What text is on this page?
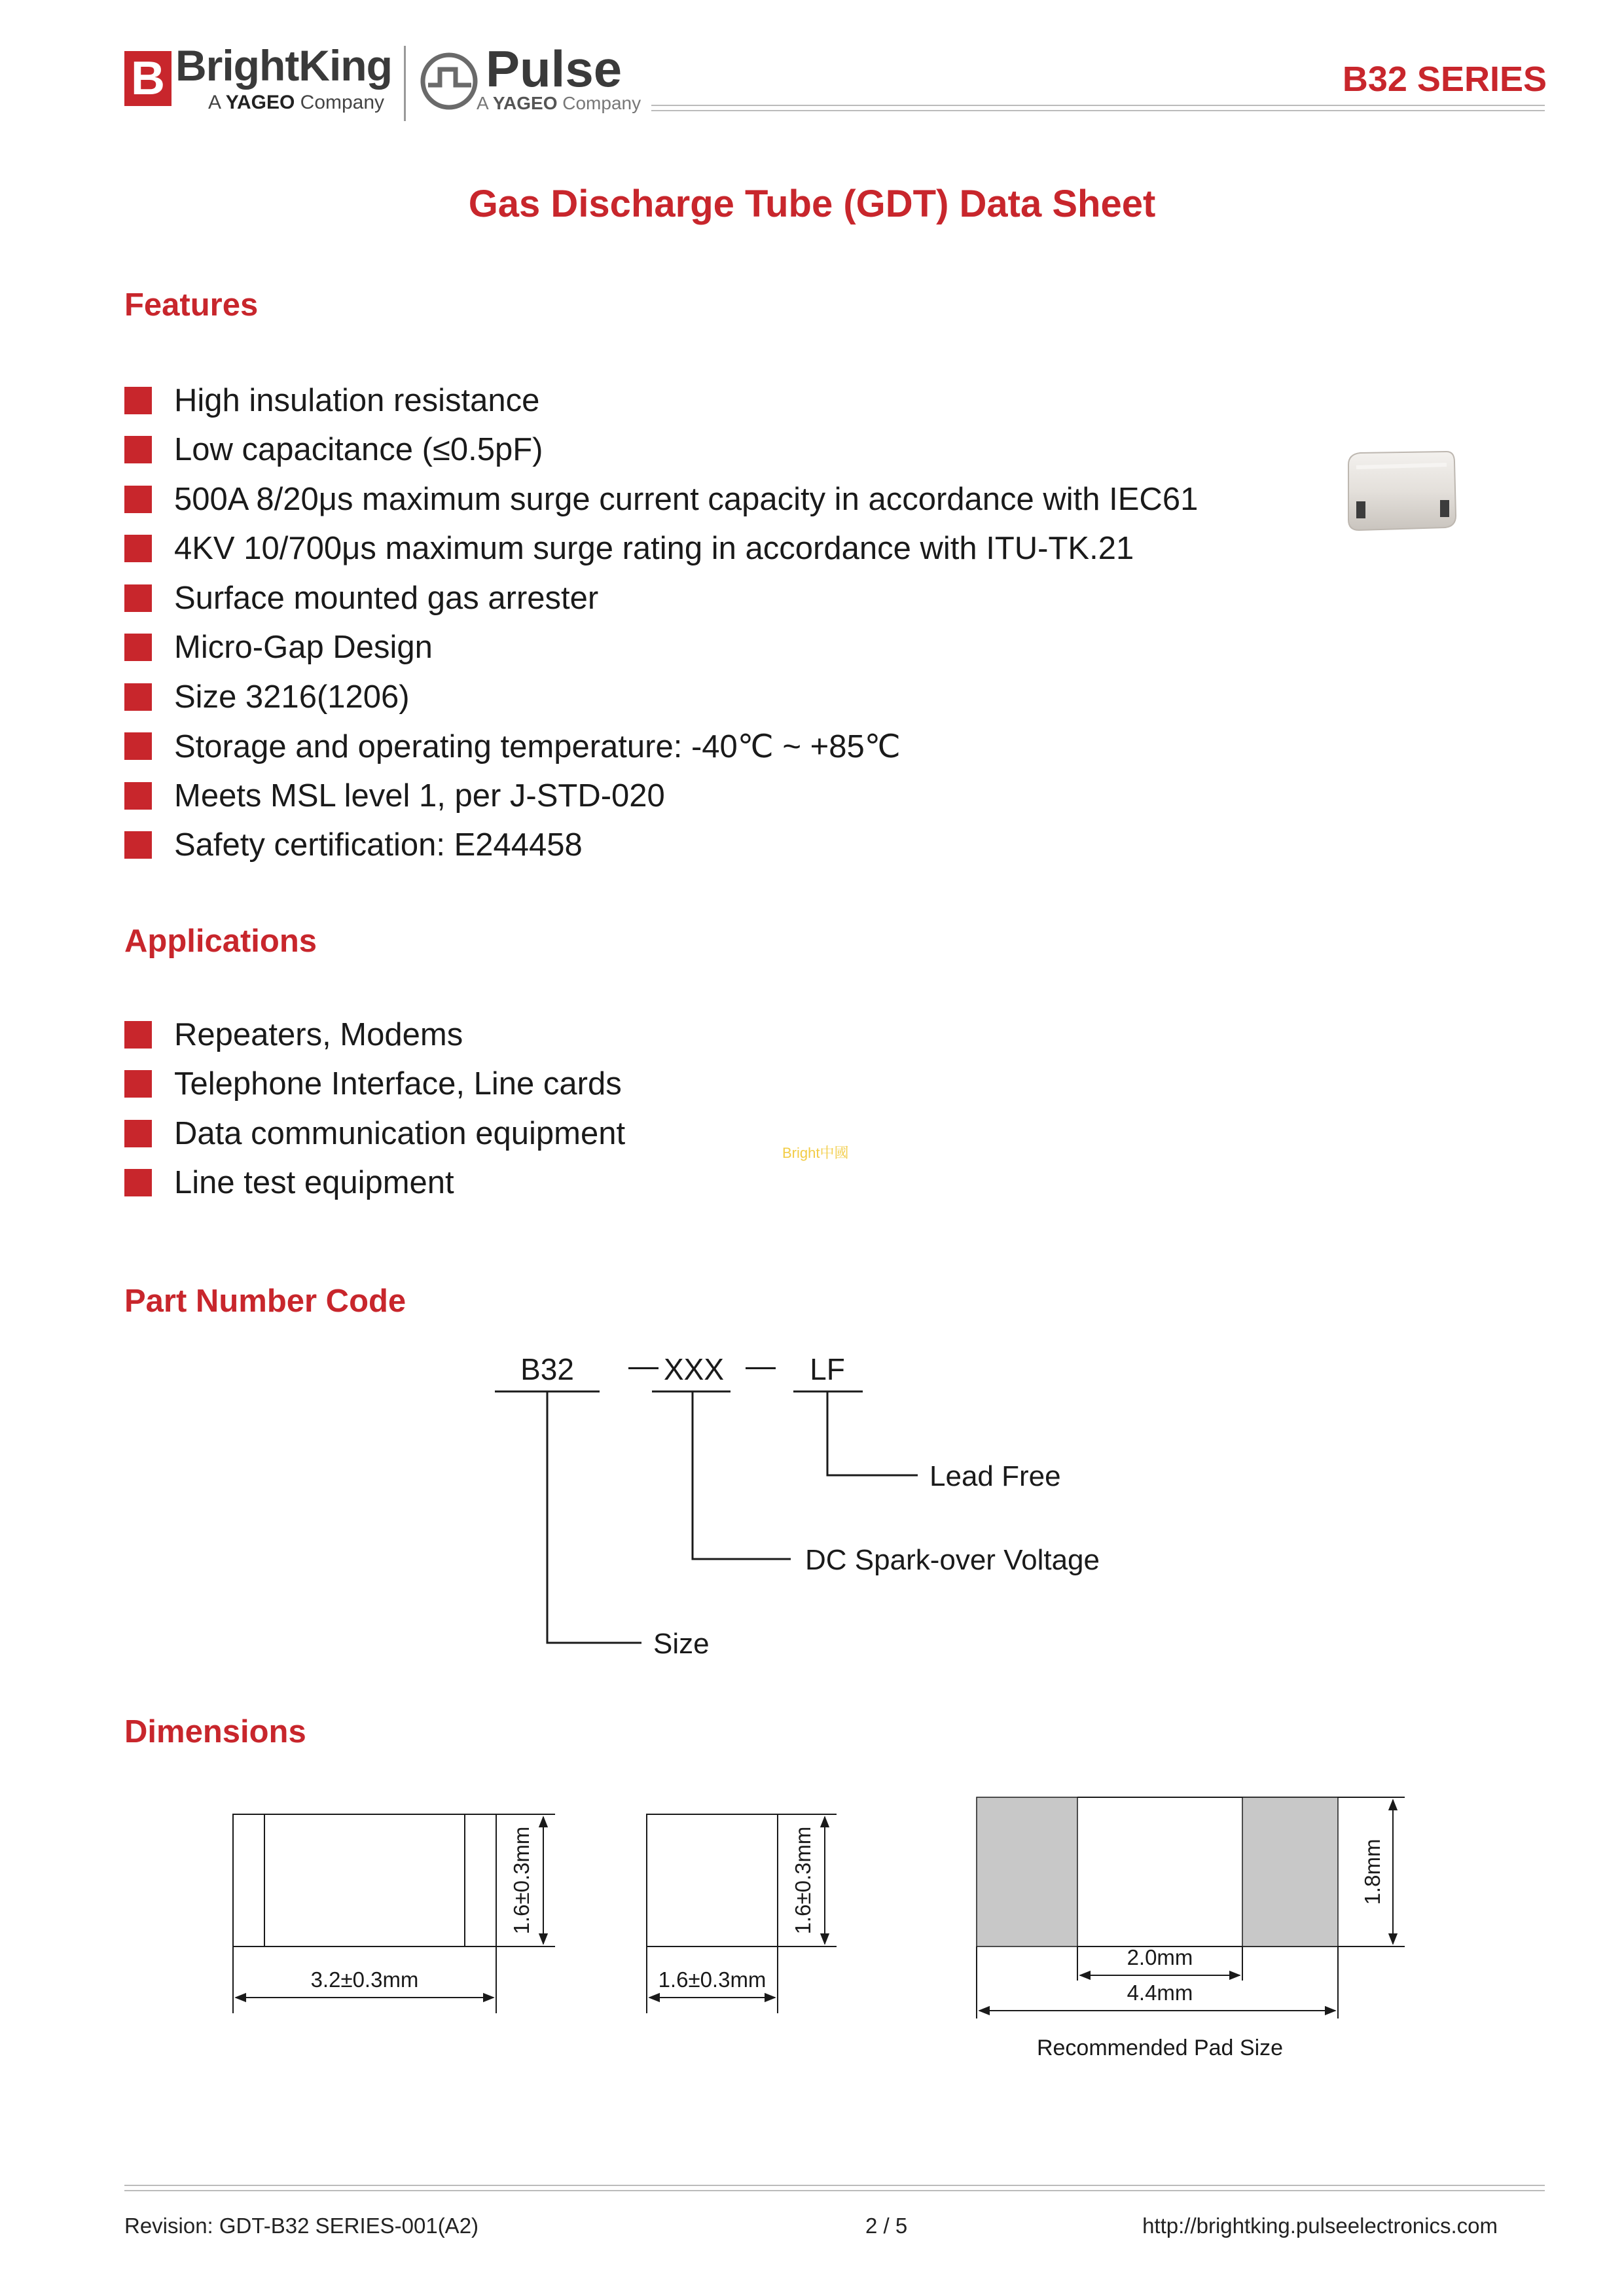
B BrightKing
A YAGEO Company
Pulse
A YAGEO Company
B32 SERIES
Gas Discharge Tube (GDT) Data Sheet
Features
High insulation resistance
Low capacitance (≤0.5pF)
500A 8/20μs maximum surge current capacity in accordance with IEC61
4KV 10/700μs maximum surge rating in accordance with ITU-TK.21
Surface mounted gas arrester
Micro-Gap Design
Size 3216(1206)
Storage and operating temperature: -40℃ ~ +85℃
Meets MSL level 1, per J-STD-020
Safety certification: E244458
Applications
Repeaters, Modems
Telephone Interface, Line cards
Data communication equipment
Line test equipment
Bright中國
Part Number Code
B32 — XXX — LF
Lead Free
DC Spark-over Voltage
Size
Dimensions
3.2±0.3mm
1.6±0.3mm
1.6±0.3mm
1.6±0.3mm
2.0mm
4.4mm
1.8mm
Recommended Pad Size
Revision: GDT-B32 SERIES-001(A2)	2 / 5	http://brightking.pulseelectronics.com
